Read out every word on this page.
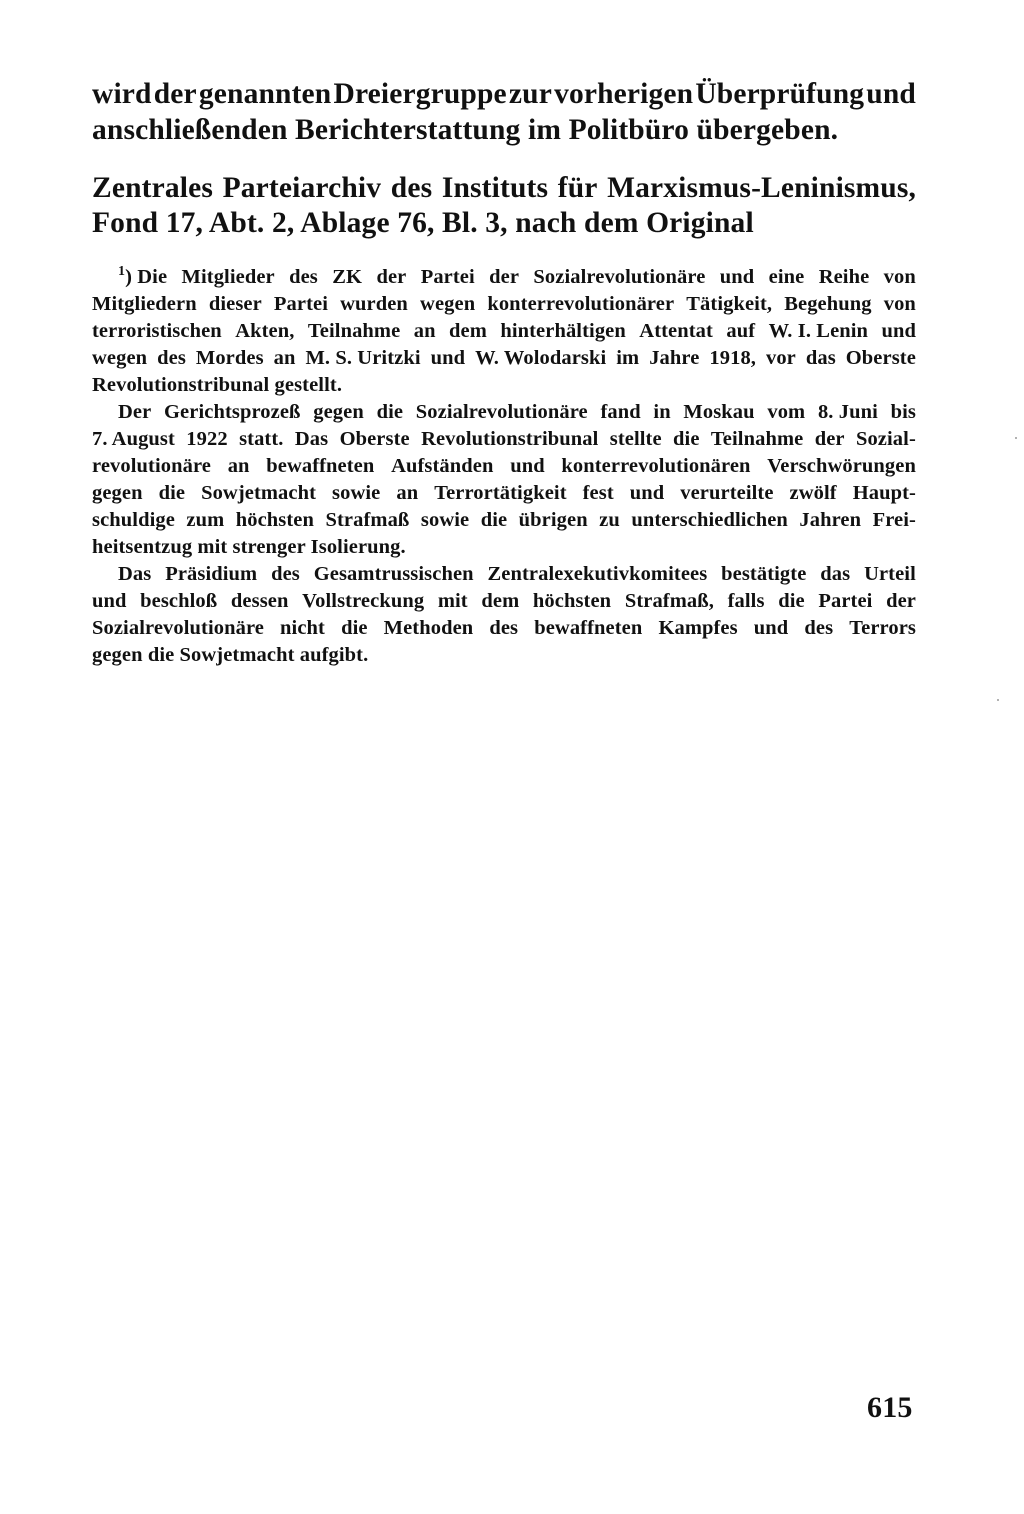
wird der genannten Dreiergruppe zur vorherigen Überprüfung und
anschließenden Berichterstattung im Politbüro übergeben.
Zentrales Parteiarchiv des Instituts für Marxismus-Leninismus,
Fond 17, Abt. 2, Ablage 76, Bl. 3, nach dem Original
1) Die Mitglieder des ZK der Partei der Sozialrevolutionäre und eine Reihe von
Mitgliedern dieser Partei wurden wegen konterrevolutionärer Tätigkeit, Begehung von
terroristischen Akten, Teilnahme an dem hinterhältigen Attentat auf W. I. Lenin und
wegen des Mordes an M. S. Uritzki und W. Wolodarski im Jahre 1918, vor das Oberste
Revolutionstribunal gestellt.
Der Gerichtsprozeß gegen die Sozialrevolutionäre fand in Moskau vom 8. Juni bis
7. August 1922 statt. Das Oberste Revolutionstribunal stellte die Teilnahme der Sozial-
revolutionäre an bewaffneten Aufständen und konterrevolutionären Verschwörungen
gegen die Sowjetmacht sowie an Terrortätigkeit fest und verurteilte zwölf Haupt-
schuldige zum höchsten Strafmaß sowie die übrigen zu unterschiedlichen Jahren Frei-
heitsentzug mit strenger Isolierung.
Das Präsidium des Gesamtrussischen Zentralexekutivkomitees bestätigte das Urteil
und beschloß dessen Vollstreckung mit dem höchsten Strafmaß, falls die Partei der
Sozialrevolutionäre nicht die Methoden des bewaffneten Kampfes und des Terrors
gegen die Sowjetmacht aufgibt.
615
